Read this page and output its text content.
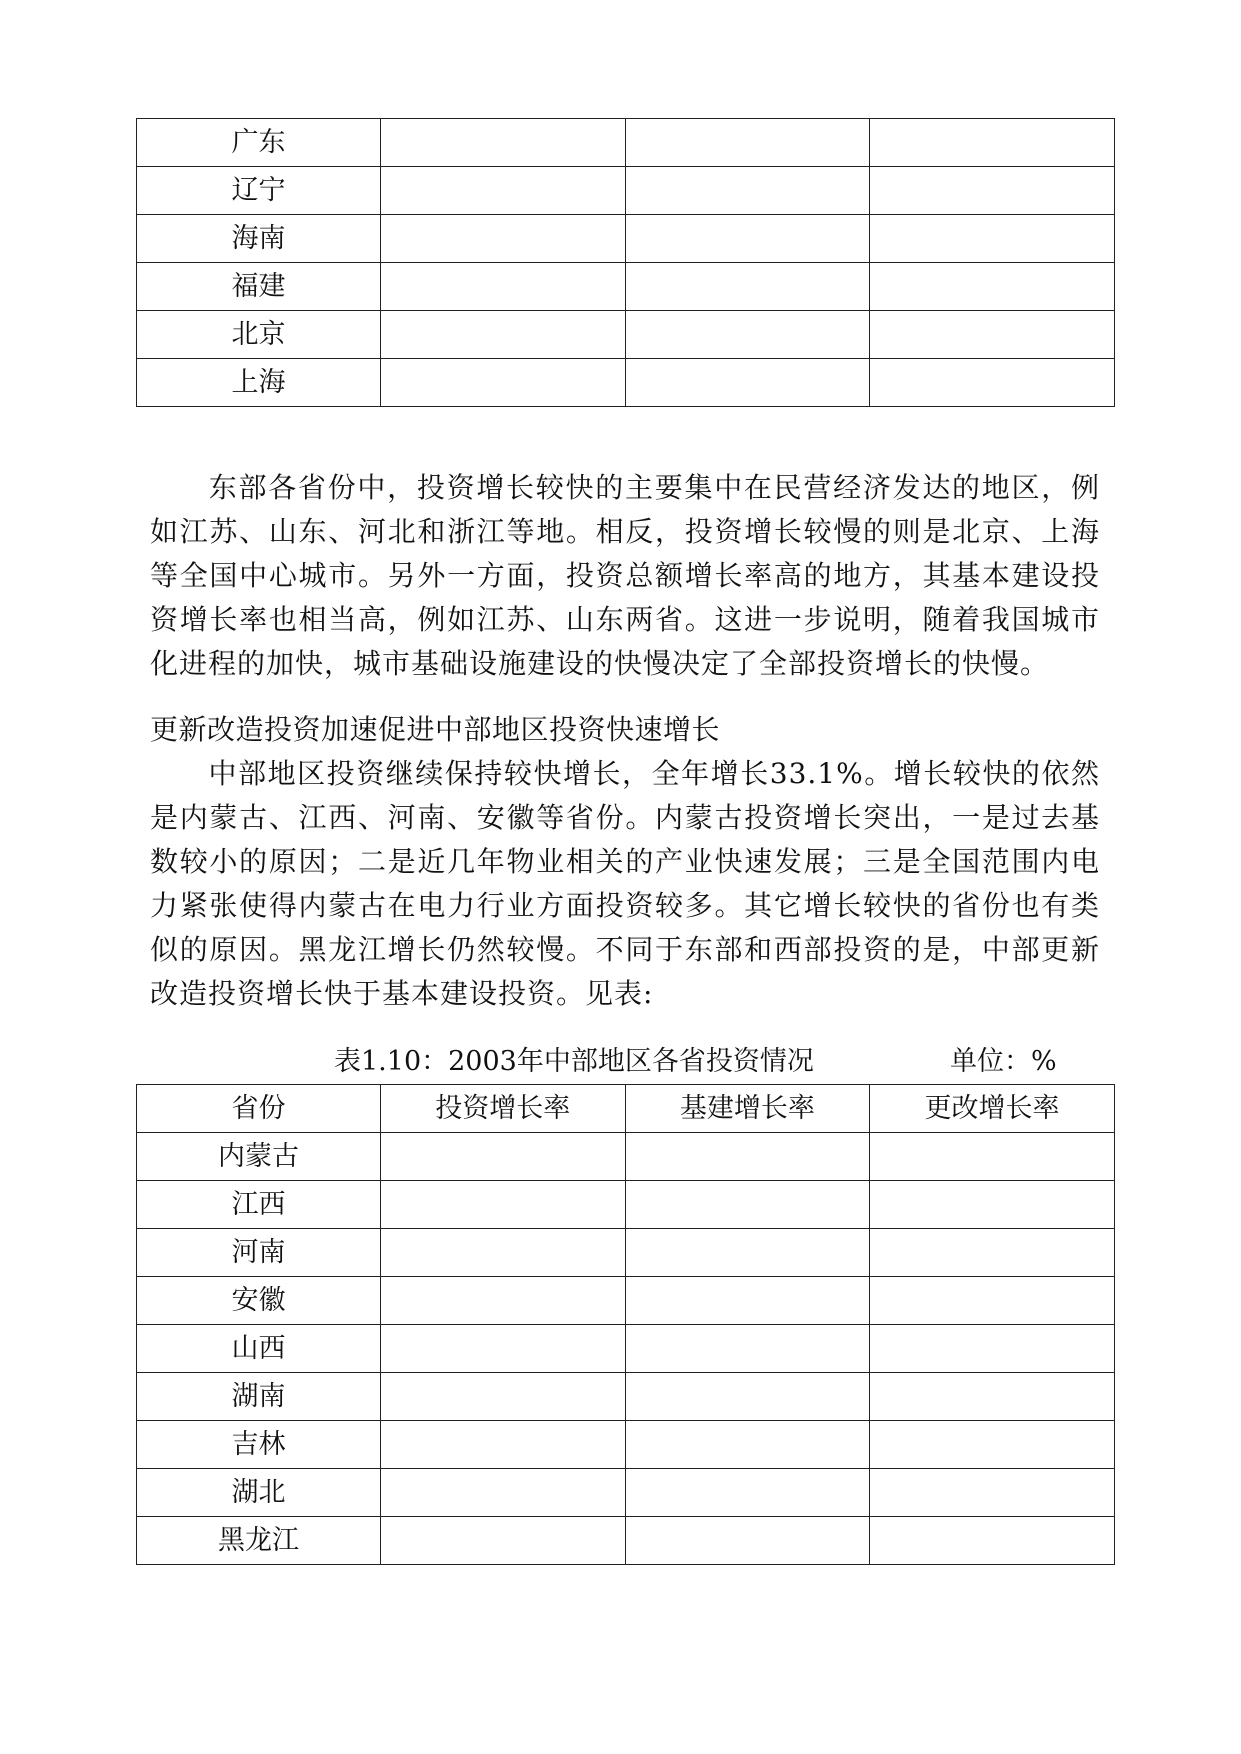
广东			
辽宁			
海南			
福建			
北京			
上海			

东部各省份中，投资增长较快的主要集中在民营经济发达的地区，例如江苏、山东、河北和浙江等地。相反，投资增长较慢的则是北京、上海等全国中心城市。另外一方面，投资总额增长率高的地方，其基本建设投资增长率也相当高，例如江苏、山东两省。这进一步说明，随着我国城市化进程的加快，城市基础设施建设的快慢决定了全部投资增长的快慢。

更新改造投资加速促进中部地区投资快速增长

中部地区投资继续保持较快增长，全年增长33.1%。增长较快的依然是内蒙古、江西、河南、安徽等省份。内蒙古投资增长突出，一是过去基数较小的原因；二是近几年物业相关的产业快速发展；三是全国范围内电力紧张使得内蒙古在电力行业方面投资较多。其它增长较快的省份也有类似的原因。黑龙江增长仍然较慢。不同于东部和西部投资的是，中部更新改造投资增长快于基本建设投资。见表:

表1.10：2003年中部地区各省投资情况	单位：%
省份	投资增长率	基建增长率	更改增长率
内蒙古			
江西			
河南			
安徽			
山西			
湖南			
吉林			
湖北			
黑龙江			
